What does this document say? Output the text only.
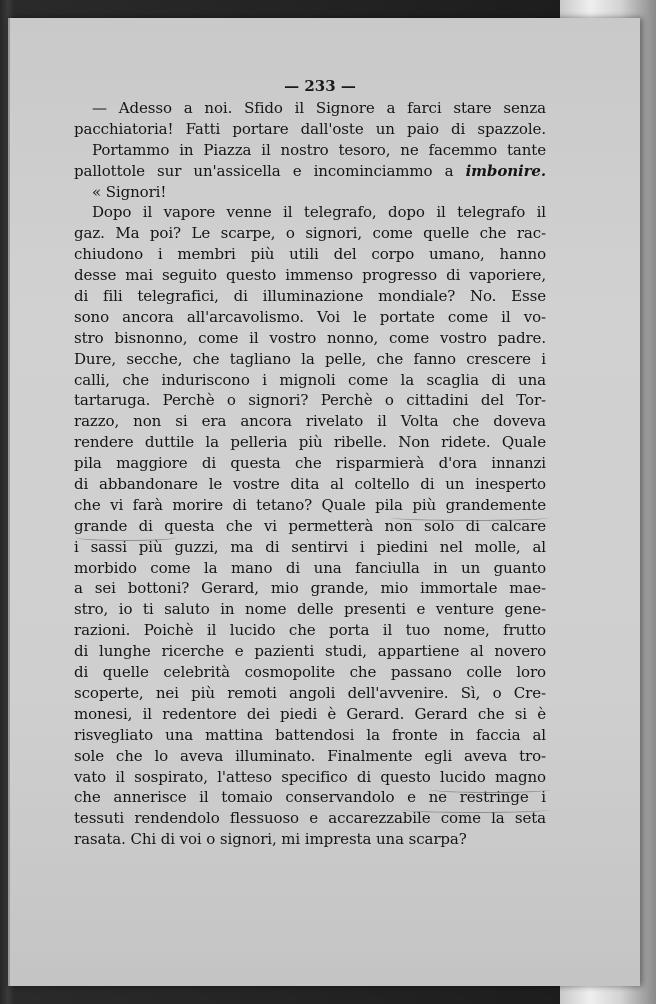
— 233 —
— Adesso a noi. Sfido il Signore a farci stare senza
pacchiatoria! Fatti portare dall'oste un paio di spazzole.
Portammo in Piazza il nostro tesoro, ne facemmo tante
pallottole sur un'assicella e incominciammo a imbonire.
« Signori!
Dopo il vapore venne il telegrafo, dopo il telegrafo il
gaz. Ma poi? Le scarpe, o signori, come quelle che rac-
chiudono i membri più utili del corpo umano, hanno
desse mai seguito questo immenso progresso di vaporiere,
di fili telegrafici, di illuminazione mondiale? No. Esse
sono ancora all'arcavolismo. Voi le portate come il vo-
stro bisnonno, come il vostro nonno, come vostro padre.
Dure, secche, che tagliano la pelle, che fanno crescere i
calli, che induriscono i mignoli come la scaglia di una
tartaruga. Perchè o signori? Perchè o cittadini del Tor-
razzo, non si era ancora rivelato il Volta che doveva
rendere duttile la pelleria più ribelle. Non ridete. Quale
pila maggiore di questa che risparmierà d'ora innanzi
di abbandonare le vostre dita al coltello di un inesperto
che vi farà morire di tetano? Quale pila più grandemente
grande di questa che vi permetterà non solo di calcare
i sassi più guzzi, ma di sentirvi i piedini nel molle, al
morbido come la mano di una fanciulla in un guanto
a sei bottoni? Gerard, mio grande, mio immortale mae-
stro, io ti saluto in nome delle presenti e venture gene-
razioni. Poichè il lucido che porta il tuo nome, frutto
di lunghe ricerche e pazienti studi, appartiene al novero
di quelle celebrità cosmopolite che passano colle loro
scoperte, nei più remoti angoli dell'avvenire. Sì, o Cre-
monesi, il redentore dei piedi è Gerard. Gerard che si è
risvegliato una mattina battendosi la fronte in faccia al
sole che lo aveva illuminato. Finalmente egli aveva tro-
vato il sospirato, l'atteso specifico di questo lucido magno
che annerisce il tomaio conservandolo e ne restringe i
tessuti rendendolo flessuoso e accarezzabile come la seta
rasata. Chi di voi o signori, mi impresta una scarpa?
